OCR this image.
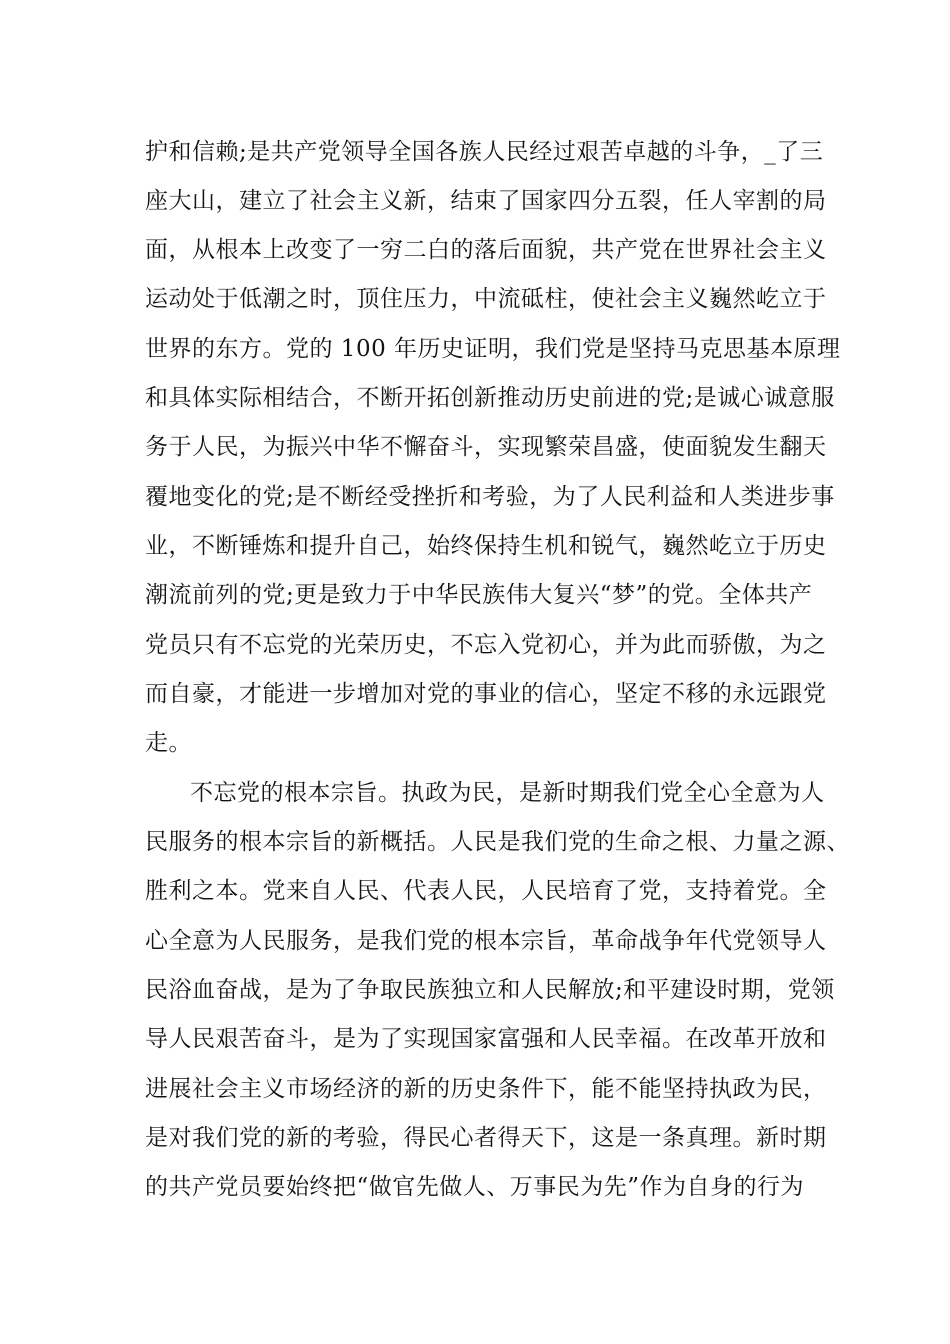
护和信赖;是共产党领导全国各族人民经过艰苦卓越的斗争，_了三

座大山，建立了社会主义新，结束了国家四分五裂，任人宰割的局

面，从根本上改变了一穷二白的落后面貌，共产党在世界社会主义

运动处于低潮之时，顶住压力，中流砥柱，使社会主义巍然屹立于

世界的东方。党的 100 年历史证明，我们党是坚持马克思基本原理

和具体实际相结合，不断开拓创新推动历史前进的党;是诚心诚意服

务于人民，为振兴中华不懈奋斗，实现繁荣昌盛，使面貌发生翻天

覆地变化的党;是不断经受挫折和考验，为了人民利益和人类进步事

业，不断锤炼和提升自己，始终保持生机和锐气，巍然屹立于历史

潮流前列的党;更是致力于中华民族伟大复兴“梦”的党。全体共产

党员只有不忘党的光荣历史，不忘入党初心，并为此而骄傲，为之

而自豪，才能进一步增加对党的事业的信心，坚定不移的永远跟党

走。

不忘党的根本宗旨。执政为民，是新时期我们党全心全意为人

民服务的根本宗旨的新概括。人民是我们党的生命之根、力量之源、

胜利之本。党来自人民、代表人民，人民培育了党，支持着党。全

心全意为人民服务，是我们党的根本宗旨，革命战争年代党领导人

民浴血奋战，是为了争取民族独立和人民解放;和平建设时期，党领

导人民艰苦奋斗，是为了实现国家富强和人民幸福。在改革开放和

进展社会主义市场经济的新的历史条件下，能不能坚持执政为民，

是对我们党的新的考验，得民心者得天下，这是一条真理。新时期

的共产党员要始终把“做官先做人、万事民为先”作为自身的行为
